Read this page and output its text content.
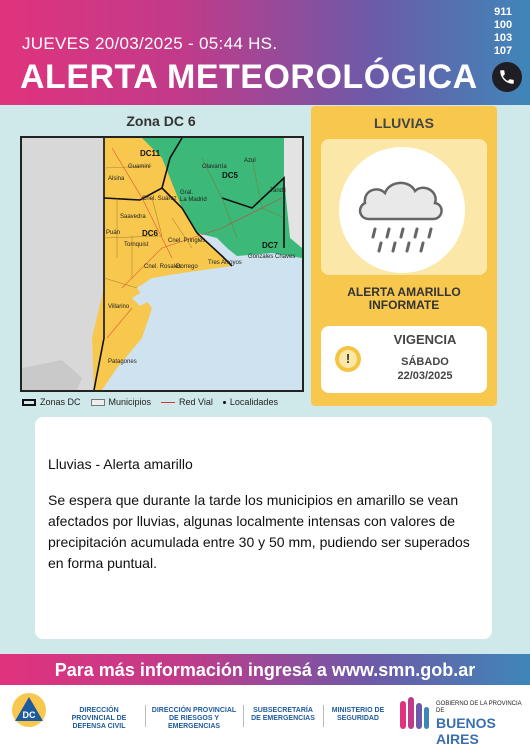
JUEVES 20/03/2025 - 05:44 HS.
ALERTA METEOROLÓGICA
911
100
103
107
Zona DC 6
DC11
DC5
DC6
DC7
Guaminí
Alsina
Olavarría
Azul
Tandil
Gral.
La Madrid
Cnel. Suárez
Saavedra
Puán
Tornquist
Cnel. Pringles
Cnel. Rosales
Dorrego
Tres Arroyos
Gonzales Chaves
Villarino
Patagones
Zonas DC	Municipios	Red Vial Localidades
LLUVIAS
ALERTA AMARILLO
INFORMATE
!
VIGENCIA
SÁBADO
22/03/2025
Lluvias - Alerta amarillo
Se espera que durante la tarde los municipios en amarillo se vean afectados por lluvias, algunas localmente intensas con valores de precipitación acumulada entre 30 y 50 mm, pudiendo ser superados en forma puntual.
Para más información ingresá a www.smn.gob.ar
DC	DIRECCIÓN PROVINCIAL DE DEFENSA CIVIL
DIRECCIÓN PROVINCIAL DE RIESGOS Y EMERGENCIAS
SUBSECRETARÍA DE EMERGENCIAS
MINISTERIO DE SEGURIDAD
GOBIERNO DE LA PROVINCIA DE
BUENOS AIRES
